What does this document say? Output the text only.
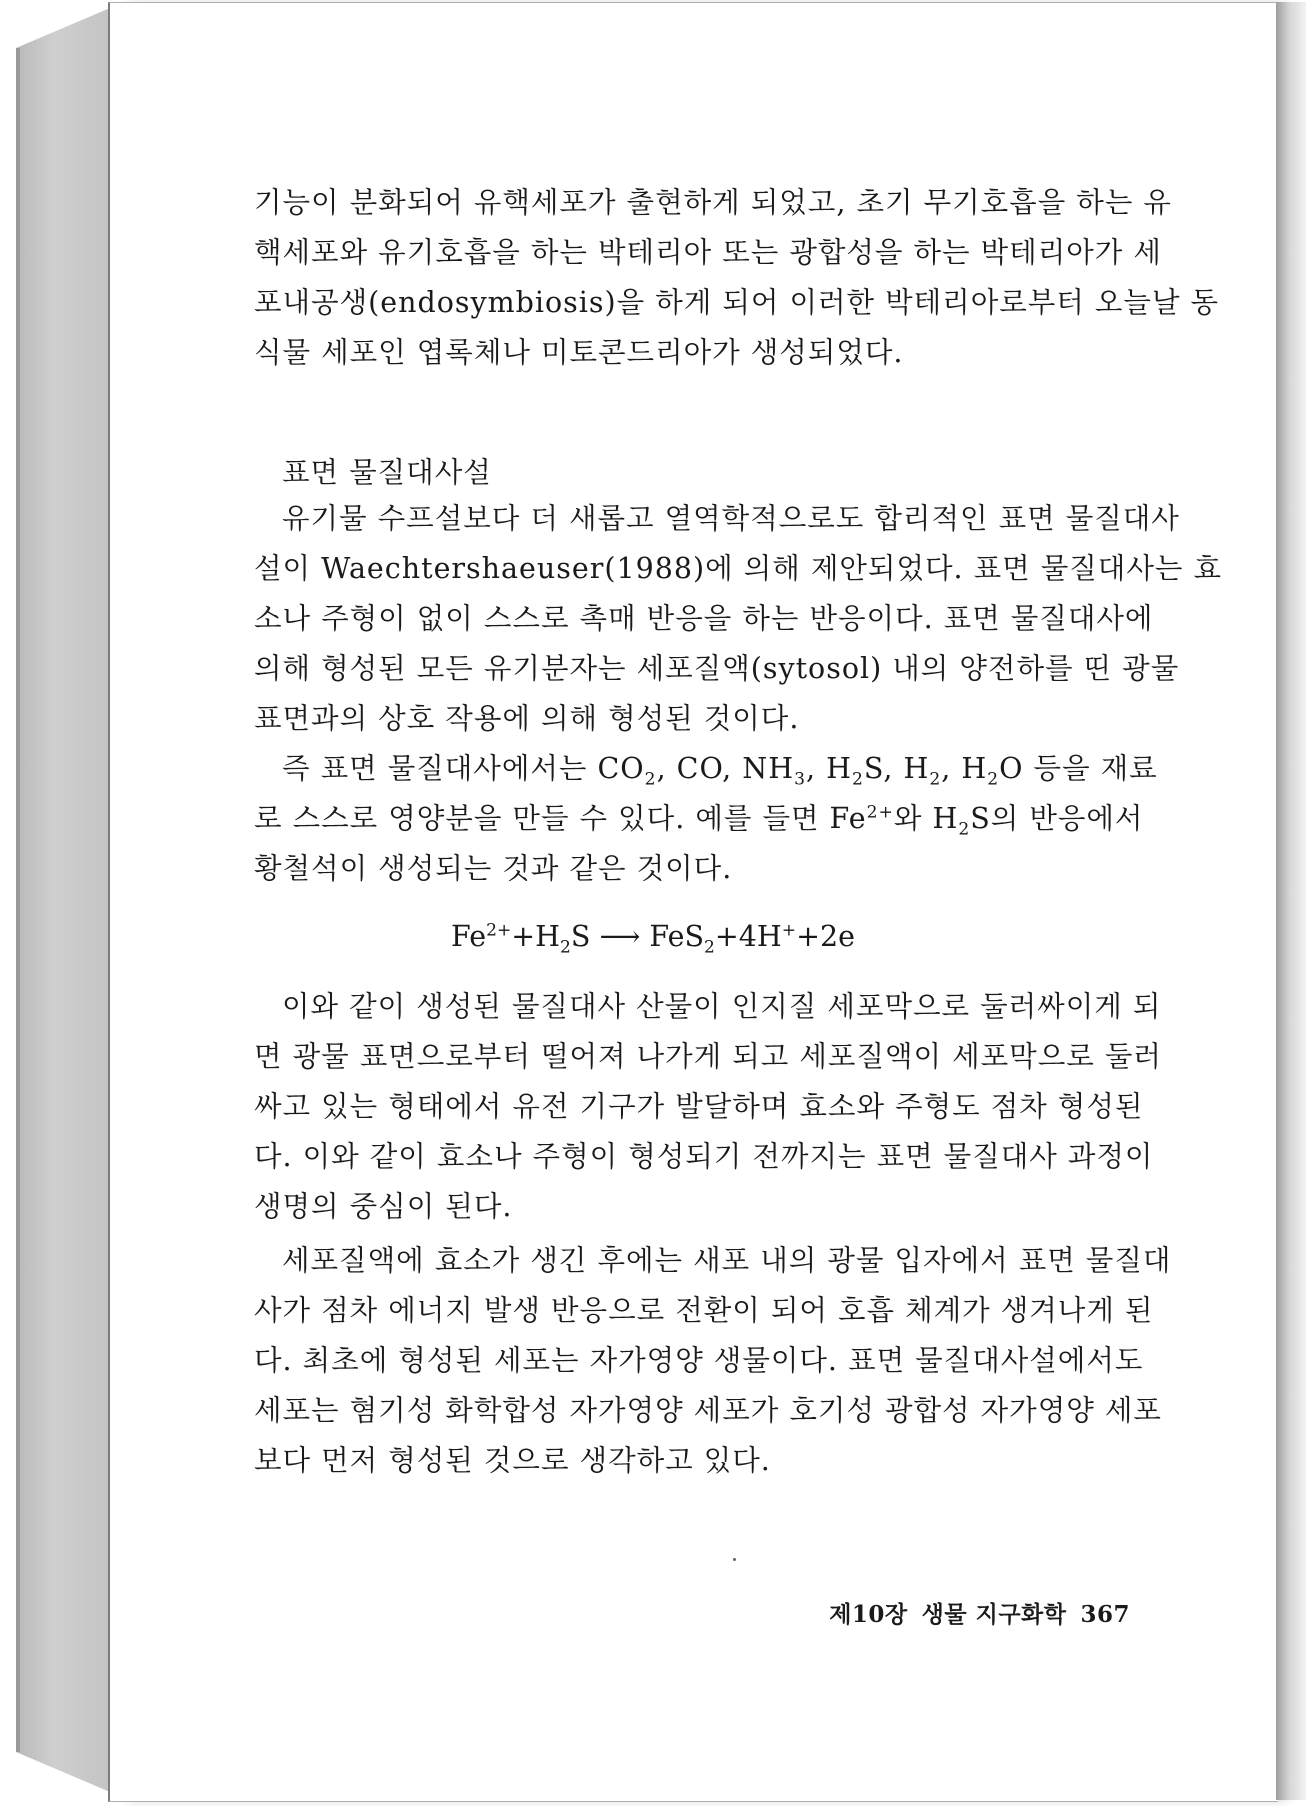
기능이 분화되어 유핵세포가 출현하게 되었고, 초기 무기호흡을 하는 유
핵세포와 유기호흡을 하는 박테리아 또는 광합성을 하는 박테리아가 세
포내공생(endosymbiosis)을 하게 되어 이러한 박테리아로부터 오늘날 동
식물 세포인 엽록체나 미토콘드리아가 생성되었다.
표면 물질대사설
유기물 수프설보다 더 새롭고 열역학적으로도 합리적인 표면 물질대사
설이 Waechtershaeuser(1988)에 의해 제안되었다. 표면 물질대사는 효
소나 주형이 없이 스스로 촉매 반응을 하는 반응이다. 표면 물질대사에
의해 형성된 모든 유기분자는 세포질액(sytosol) 내의 양전하를 띤 광물
표면과의 상호 작용에 의해 형성된 것이다.
즉 표면 물질대사에서는 $CO_2$, CO, $NH_3$, $H_2S$, $H_2$, $H_2O$ 등을 재료
로 스스로 영양분을 만들 수 있다. 예를 들면 $Fe^{2+}$와 $H_2S$의 반응에서
황철석이 생성되는 것과 같은 것이다.
$Fe^{2+}+H_2S$ ⟶ FeS$_2$+4H++2e
이와 같이 생성된 물질대사 산물이 인지질 세포막으로 둘러싸이게 되
면 광물 표면으로부터 떨어져 나가게 되고 세포질액이 세포막으로 둘러
싸고 있는 형태에서 유전 기구가 발달하며 효소와 주형도 점차 형성된
다. 이와 같이 효소나 주형이 형성되기 전까지는 표면 물질대사 과정이
생명의 중심이 된다.
세포질액에 효소가 생긴 후에는 새포 내의 광물 입자에서 표면 물질대
사가 점차 에너지 발생 반응으로 전환이 되어 호흡 체계가 생겨나게 된
다. 최초에 형성된 세포는 자가영양 생물이다. 표면 물질대사설에서도
세포는 혐기성 화학합성 자가영양 세포가 호기성 광합성 자가영양 세포
보다 먼저 형성된 것으로 생각하고 있다.
제10장 생물 지구화학 367
